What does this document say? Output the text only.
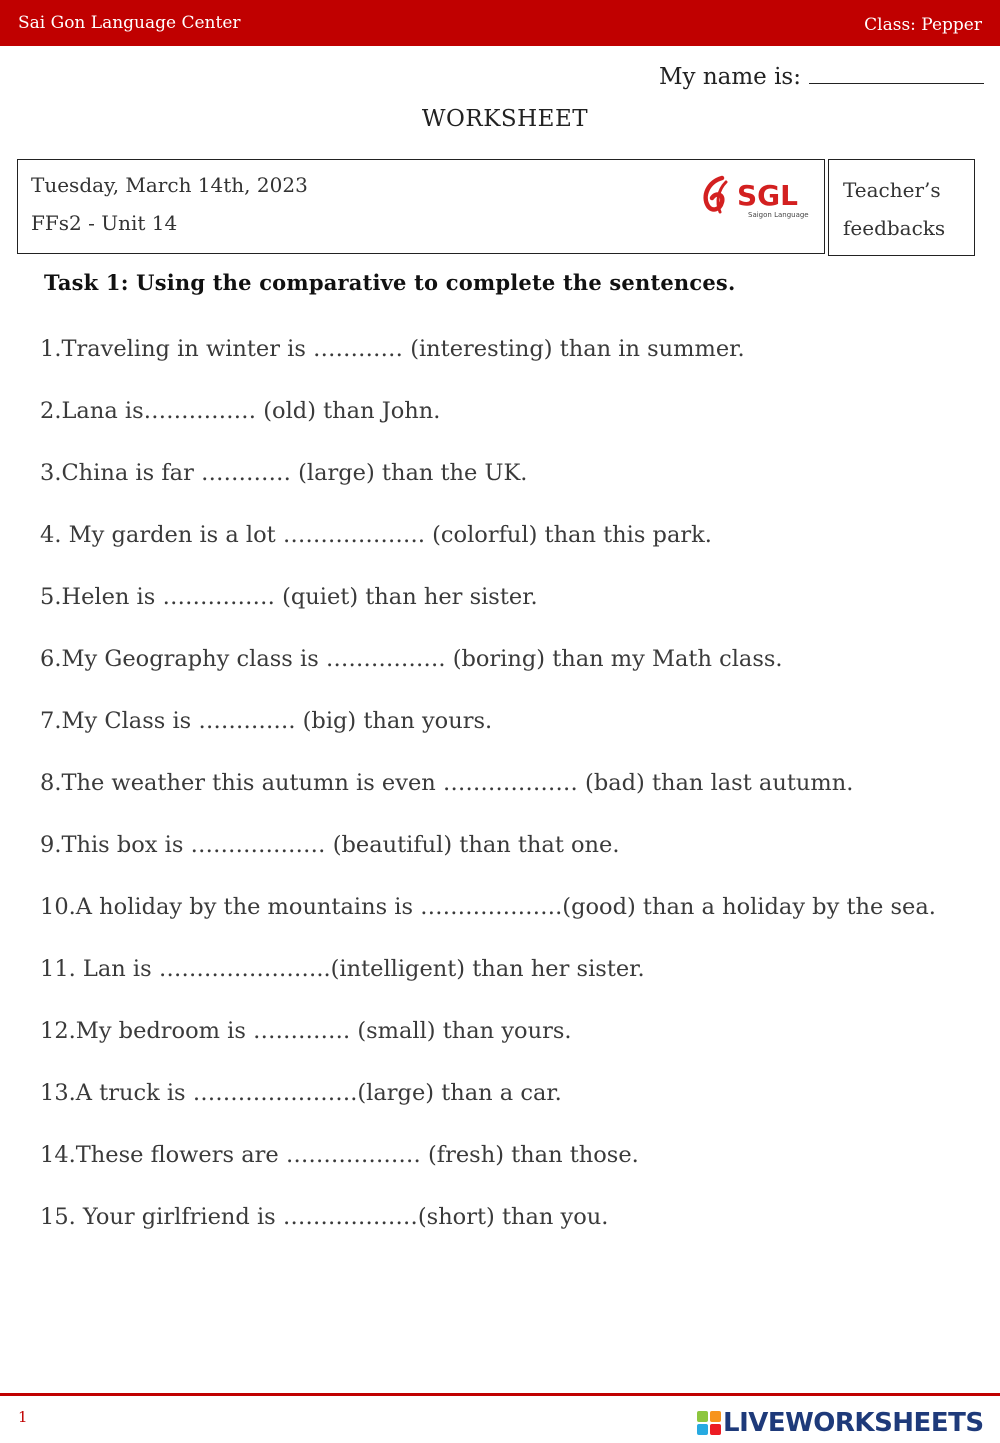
Sai Gon Language Center	Class: Pepper
My name is:
WORKSHEET
Tuesday, March 14th, 2023
FFs2 - Unit 14
SGL
Saigon Language
Teacher’s
feedbacks
Task 1: Using the comparative to complete the sentences.
1.Traveling in winter is ………… (interesting) than in summer.
2.Lana is…………… (old) than John.
3.China is far ………… (large) than the UK.
4. My garden is a lot ………………. (colorful) than this park.
5.Helen is …………… (quiet) than her sister.
6.My Geography class is ……………. (boring) than my Math class.
7.My Class is …………. (big) than yours.
8.The weather this autumn is even ……………… (bad) than last autumn.
9.This box is ……………… (beautiful) than that one.
10.A holiday by the mountains is ……………….(good) than a holiday by the sea.
11. Lan is …………………..(intelligent) than her sister.
12.My bedroom is …………. (small) than yours.
13.A truck is ………………….(large) than a car.
14.These flowers are ……………… (fresh) than those.
15. Your girlfriend is ………………(short) than you.
1	LIVEWORKSHEETS
